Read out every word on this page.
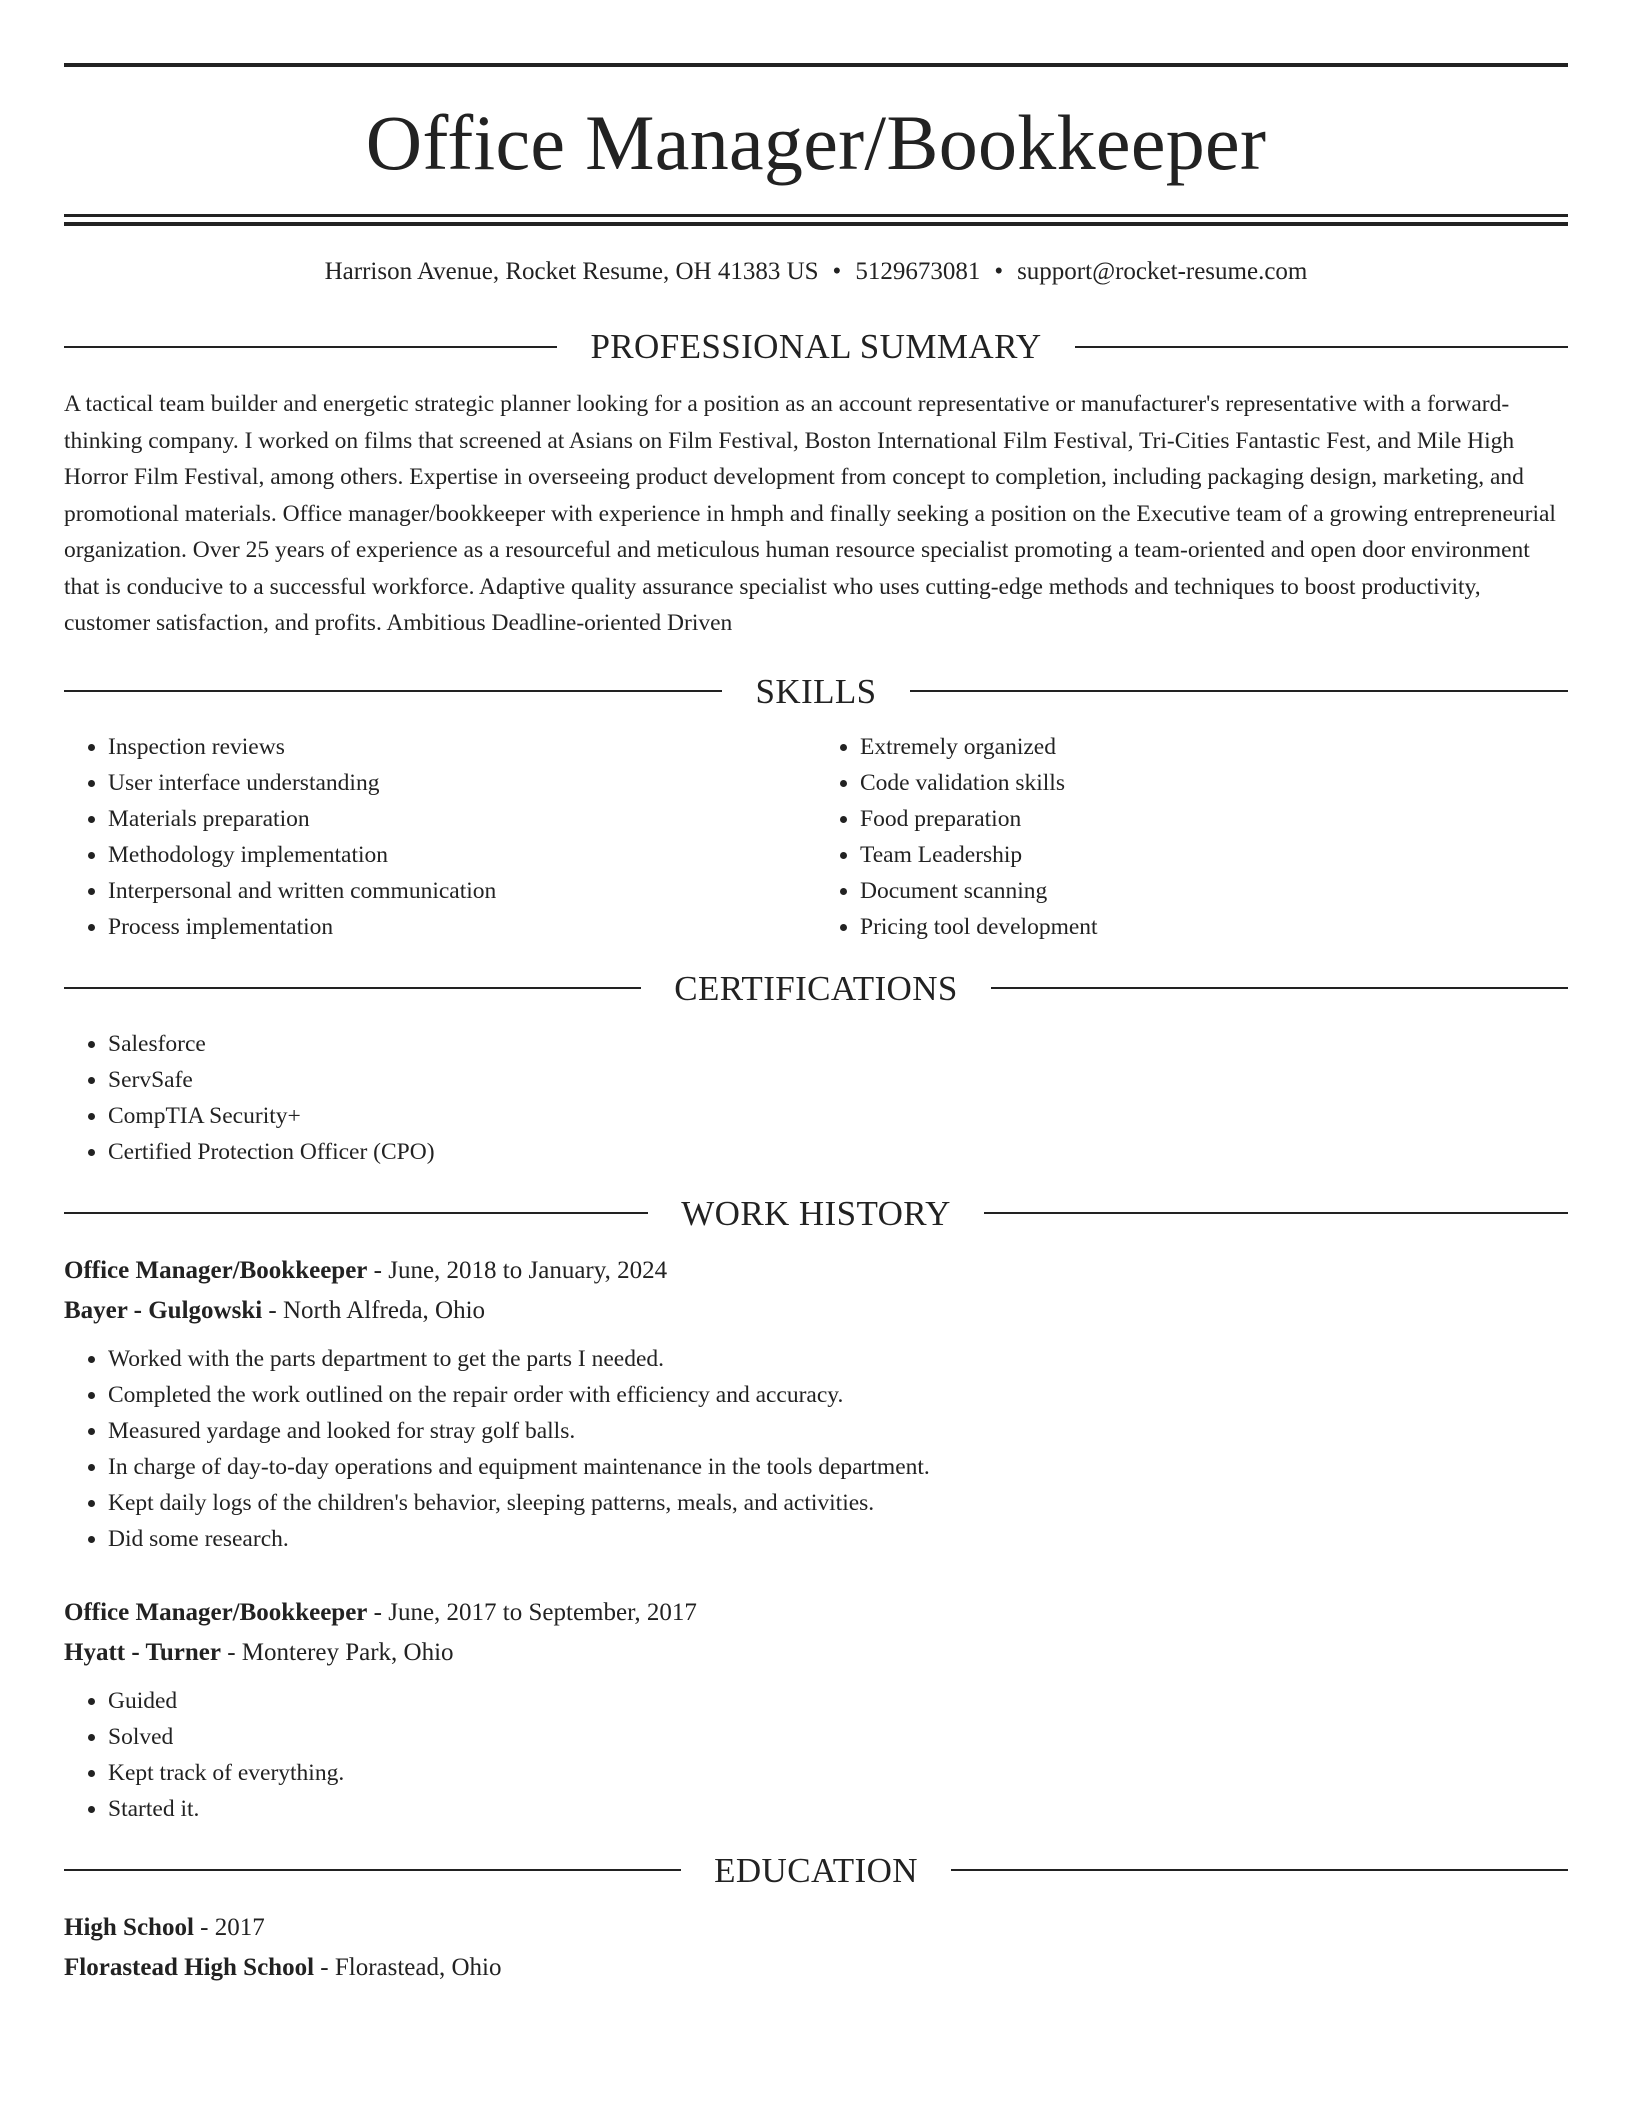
Office Manager/Bookkeeper
Harrison Avenue, Rocket Resume, OH 41383 US • 5129673081 • support@rocket-resume.com
PROFESSIONAL SUMMARY

A tactical team builder and energetic strategic planner looking for a position as an account representative or manufacturer's representative with a forward-thinking company. I worked on films that screened at Asians on Film Festival, Boston International Film Festival, Tri-Cities Fantastic Fest, and Mile High Horror Film Festival, among others. Expertise in overseeing product development from concept to completion, including packaging design, marketing, and promotional materials. Office manager/bookkeeper with experience in hmph and finally seeking a position on the Executive team of a growing entrepreneurial organization. Over 25 years of experience as a resourceful and meticulous human resource specialist promoting a team-oriented and open door environment that is conducive to a successful workforce. Adaptive quality assurance specialist who uses cutting-edge methods and techniques to boost productivity, customer satisfaction, and profits. Ambitious Deadline-oriented Driven

SKILLS
• Inspection reviews
• User interface understanding
• Materials preparation
• Methodology implementation
• Interpersonal and written communication
• Process implementation
• Extremely organized
• Code validation skills
• Food preparation
• Team Leadership
• Document scanning
• Pricing tool development
CERTIFICATIONS
• Salesforce
• ServSafe
• CompTIA Security+
• Certified Protection Officer (CPO)
WORK HISTORY
Office Manager/Bookkeeper - June, 2018 to January, 2024
Bayer - Gulgowski - North Alfreda, Ohio
• Worked with the parts department to get the parts I needed.
• Completed the work outlined on the repair order with efficiency and accuracy.
• Measured yardage and looked for stray golf balls.
• In charge of day-to-day operations and equipment maintenance in the tools department.
• Kept daily logs of the children's behavior, sleeping patterns, meals, and activities.
• Did some research.
Office Manager/Bookkeeper - June, 2017 to September, 2017
Hyatt - Turner - Monterey Park, Ohio
• Guided
• Solved
• Kept track of everything.
• Started it.
EDUCATION
High School - 2017
Florastead High School - Florastead, Ohio
